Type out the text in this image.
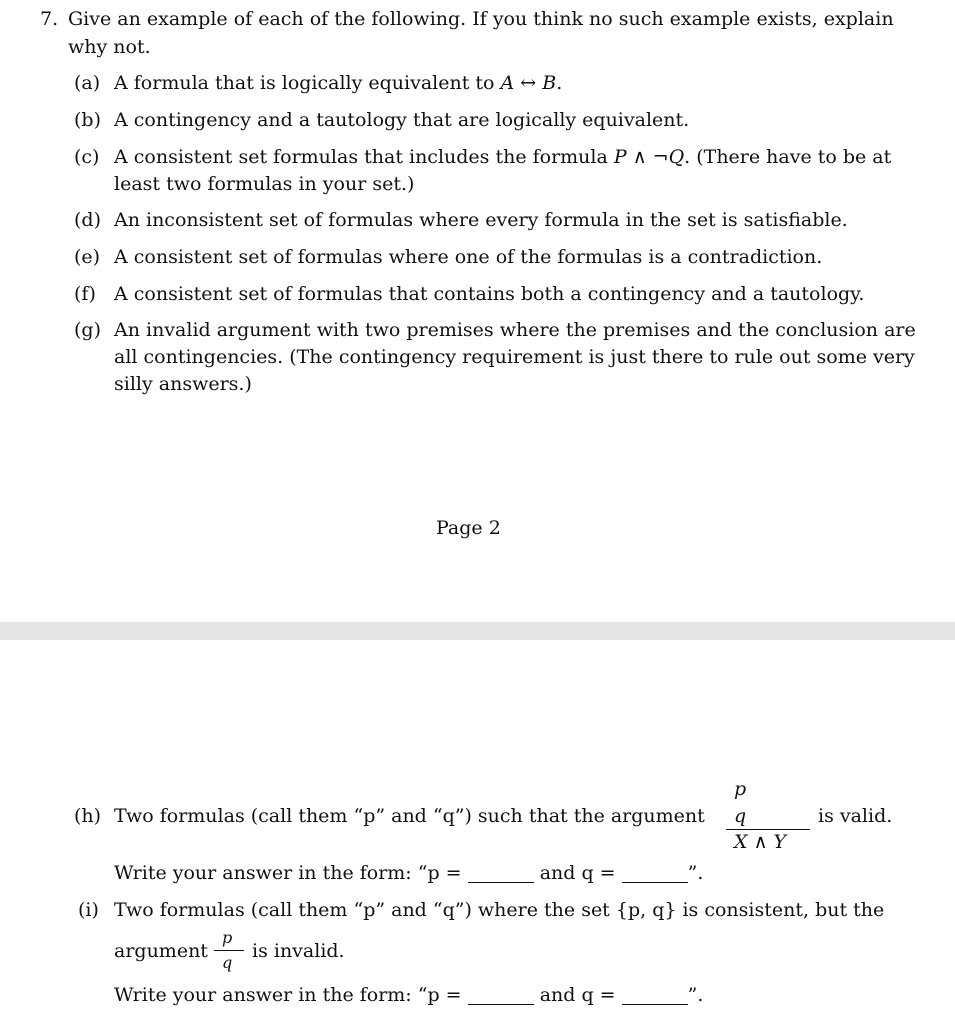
7. Give an example of each of the following. If you think no such example exists, explain
why not.
(a) A formula that is logically equivalent to A ↔ B.
(b) A contingency and a tautology that are logically equivalent.
(c) A consistent set formulas that includes the formula P ∧ ¬Q. (There have to be at
least two formulas in your set.)
(d) An inconsistent set of formulas where every formula in the set is satisfiable.
(e) A consistent set of formulas where one of the formulas is a contradiction.
(f) A consistent set of formulas that contains both a contingency and a tautology.
(g) An invalid argument with two premises where the premises and the conclusion are
all contingencies. (The contingency requirement is just there to rule out some very
silly answers.)
Page 2
(h) Two formulas (call them “p” and “q”) such that the argument
p
q
X ∧ Y
is valid.
Write your answer in the form: “p =	and q =	”.
(i) Two formulas (call them “p” and “q”) where the set {p, q} is consistent, but the
argument
p
q
is invalid.
Write your answer in the form: “p =	and q =	”.
